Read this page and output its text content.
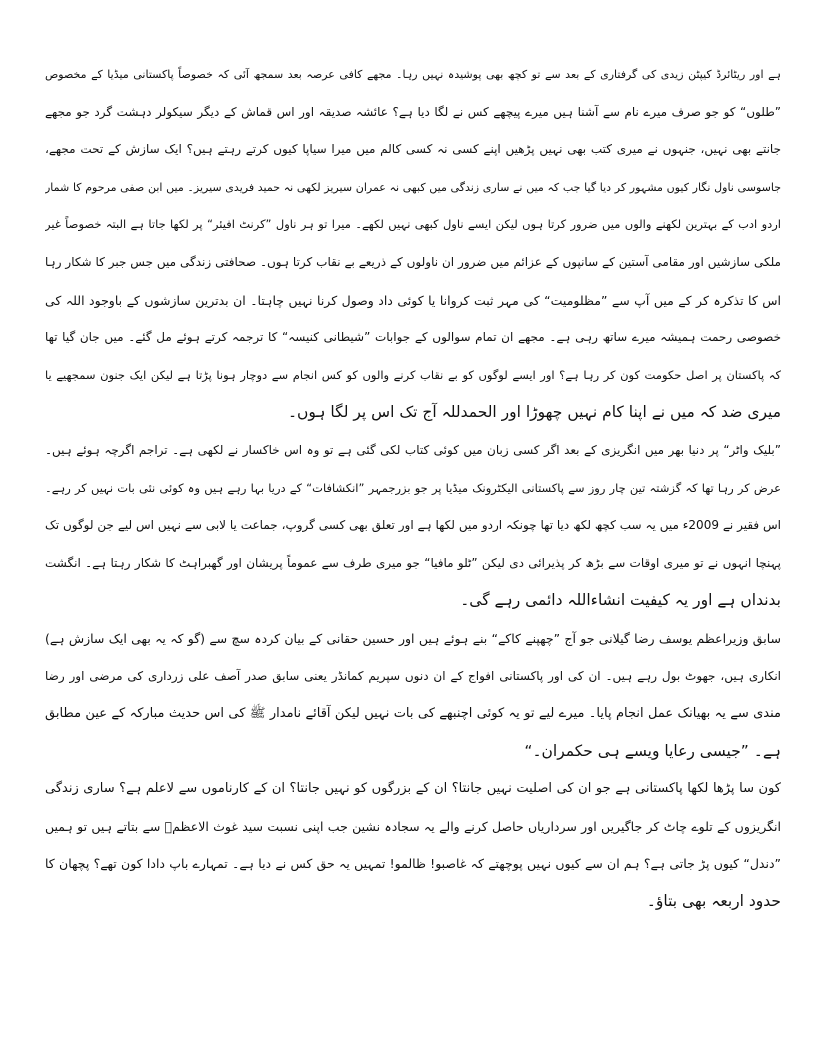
ہے اور ریٹائرڈ کیپٹن زیدی کی گرفتاری کے بعد سے تو کچھ بھی پوشیدہ نہیں رہا۔ مجھے کافی عرصہ بعد سمجھ آئی کہ خصوصاً پاکستانی میڈیا کے مخصوص
”طلوں“ کو جو صرف میرے نام سے آشنا ہیں میرے پیچھے کس نے لگا دیا ہے؟ عائشہ صدیقہ اور اس قماش کے دیگر سیکولر دہشت گرد جو مجھے
جانتے بھی نہیں، جنہوں نے میری کتب بھی نہیں پڑھیں اپنے کسی نہ کسی کالم میں میرا سیاپا کیوں کرتے رہتے ہیں؟ ایک سازش کے تحت مجھے،
جاسوسی ناول نگار کیوں مشہور کر دیا گیا جب کہ میں نے ساری زندگی میں کبھی نہ عمران سیریز لکھی نہ حمید فریدی سیریز۔ میں ابن صفی مرحوم کا شمار
اردو ادب کے بہترین لکھنے والوں میں ضرور کرتا ہوں لیکن ایسے ناول کبھی نہیں لکھے۔ میرا تو ہر ناول ”کرنٹ افیئر“ پر لکھا جاتا ہے البتہ خصوصاً غیر
ملکی سازشیں اور مقامی آستین کے سانپوں کے عزائم میں ضرور ان ناولوں کے ذریعے بے نقاب کرتا ہوں۔ صحافتی زندگی میں جس جبر کا شکار رہا
اس کا تذکرہ کر کے میں آپ سے ”مظلومیت“ کی مہر ثبت کروانا یا کوئی داد وصول کرنا نہیں چاہتا۔ ان بدترین سازشوں کے باوجود اللہ کی
خصوصی رحمت ہمیشہ میرے ساتھ رہی ہے۔ مجھے ان تمام سوالوں کے جوابات ”شیطانی کنیسہ“ کا ترجمہ کرتے ہوئے مل گئے۔ میں جان گیا تھا
کہ پاکستان پر اصل حکومت کون کر رہا ہے؟ اور ایسے لوگوں کو بے نقاب کرنے والوں کو کس انجام سے دوچار ہونا پڑتا ہے لیکن ایک جنون سمجھیے یا
میری ضد کہ میں نے اپنا کام نہیں چھوڑا اور الحمدللہ آج تک اس پر لگا ہوں۔
”بلیک واٹر“ پر دنیا بھر میں انگریزی کے بعد اگر کسی زبان میں کوئی کتاب لکی گئی ہے تو وہ اس خاکسار نے لکھی ہے۔ تراجم اگرچہ ہوئے ہیں۔
عرض کر رہا تھا کہ گزشتہ تین چار روز سے پاکستانی الیکٹرونک میڈیا پر جو بزرجمہر ”انکشافات“ کے دریا بہا رہے ہیں وہ کوئی نئی بات نہیں کر رہے۔
اس فقیر نے 2009ء میں یہ سب کچھ لکھ دیا تھا چونکہ اردو میں لکھا ہے اور تعلق بھی کسی گروپ، جماعت یا لابی سے نہیں اس لیے جن لوگوں تک
پہنچا انہوں نے تو میری اوقات سے بڑھ کر پذیرائی دی لیکن ”ٹلو مافیا“ جو میری طرف سے عموماً پریشان اور گھبراہٹ کا شکار رہتا ہے۔ انگشت
بدنداں ہے اور یہ کیفیت انشاءاللہ دائمی رہے گی۔
سابق وزیراعظم یوسف رضا گیلانی جو آج ”چھپنے کاکے“ بنے ہوئے ہیں اور حسین حقانی کے بیان کردہ سچ سے (گو کہ یہ بھی ایک سازش ہے)
انکاری ہیں، جھوٹ بول رہے ہیں۔ ان کی اور پاکستانی افواج کے ان دنوں سپریم کمانڈر یعنی سابق صدر آصف علی زرداری کی مرضی اور رضا
مندی سے یہ بھیانک عمل انجام پایا۔ میرے لیے تو یہ کوئی اچنبھے کی بات نہیں لیکن آقائے نامدار ﷺ کی اس حدیث مبارکہ کے عین مطابق
ہے۔ ”جیسی رعایا ویسے ہی حکمران۔“
کون سا پڑھا لکھا پاکستانی ہے جو ان کی اصلیت نہیں جانتا؟ ان کے بزرگوں کو نہیں جانتا؟ ان کے کارناموں سے لاعلم ہے؟ ساری زندگی
انگریزوں کے تلوے چاٹ کر جاگیریں اور سرداریاں حاصل کرنے والے یہ سجادہ نشین جب اپنی نسبت سید غوث الاعظمؒ سے بتاتے ہیں تو ہمیں
”دندل“ کیوں پڑ جاتی ہے؟ ہم ان سے کیوں نہیں پوچھتے کہ غاصبو! ظالمو! تمہیں یہ حق کس نے دیا ہے۔ تمہارے باپ دادا کون تھے؟ پچھان کا
حدود اربعہ بھی بتاؤ۔
